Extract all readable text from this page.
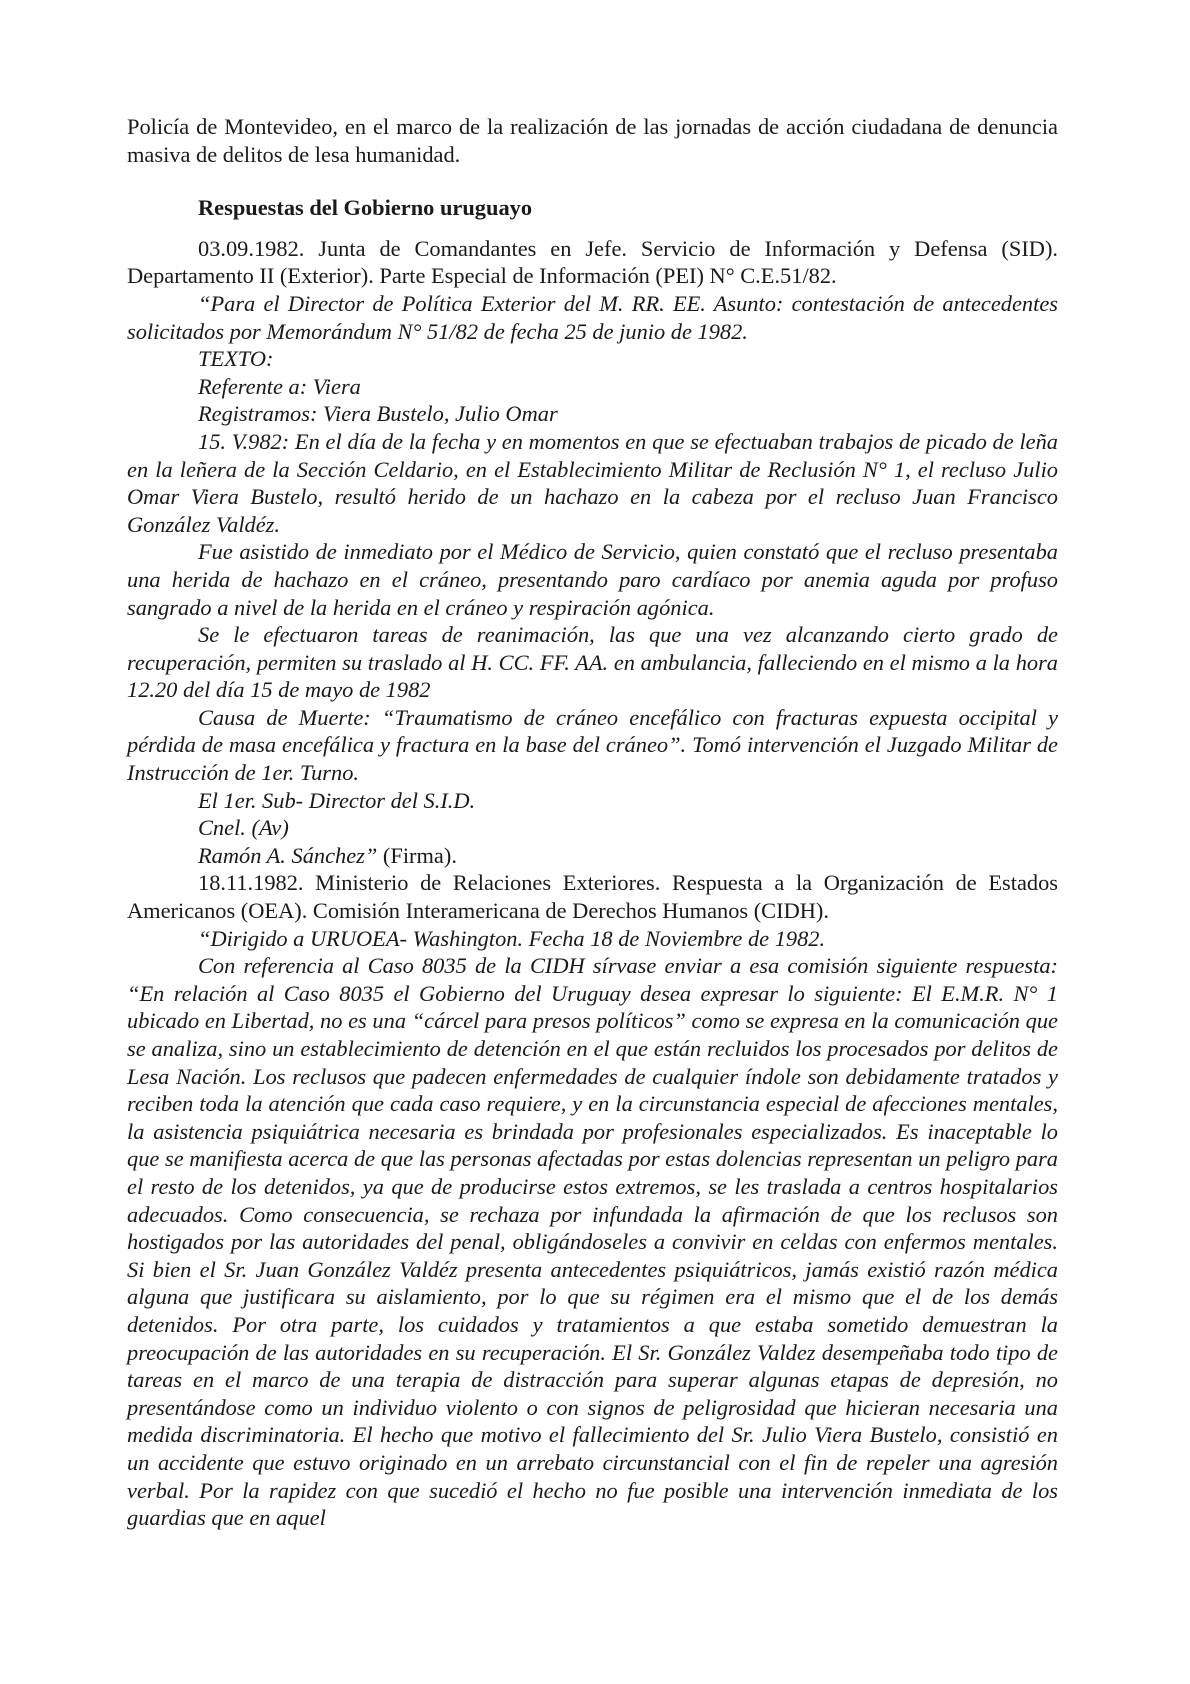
Policía de Montevideo, en el marco de la realización de las jornadas de acción ciudadana de denuncia masiva de delitos de lesa humanidad.

Respuestas del Gobierno uruguayo

03.09.1982. Junta de Comandantes en Jefe. Servicio de Información y Defensa (SID). Departamento II (Exterior). Parte Especial de Información (PEI) N° C.E.51/82.

“Para el Director de Política Exterior del M. RR. EE. Asunto: contestación de antecedentes solicitados por Memorándum N° 51/82 de fecha 25 de junio de 1982.

TEXTO:

Referente a: Viera

Registramos: Viera Bustelo, Julio Omar

15. V.982: En el día de la fecha y en momentos en que se efectuaban trabajos de picado de leña en la leñera de la Sección Celdario, en el Establecimiento Militar de Reclusión N° 1, el recluso Julio Omar Viera Bustelo, resultó herido de un hachazo en la cabeza por el recluso Juan Francisco González Valdéz.

Fue asistido de inmediato por el Médico de Servicio, quien constató que el recluso presentaba una herida de hachazo en el cráneo, presentando paro cardíaco por anemia aguda por profuso sangrado a nivel de la herida en el cráneo y respiración agónica.

Se le efectuaron tareas de reanimación, las que una vez alcanzando cierto grado de recuperación, permiten su traslado al H. CC. FF. AA. en ambulancia, falleciendo en el mismo a la hora 12.20 del día 15 de mayo de 1982

Causa de Muerte: “Traumatismo de cráneo encefálico con fracturas expuesta occipital y pérdida de masa encefálica y fractura en la base del cráneo”. Tomó intervención el Juzgado Militar de Instrucción de 1er. Turno.

El 1er. Sub- Director del S.I.D.

Cnel. (Av)

Ramón A. Sánchez” (Firma).

18.11.1982. Ministerio de Relaciones Exteriores. Respuesta a la Organización de Estados Americanos (OEA). Comisión Interamericana de Derechos Humanos (CIDH).

“Dirigido a URUOEA- Washington. Fecha 18 de Noviembre de 1982.

Con referencia al Caso 8035 de la CIDH sírvase enviar a esa comisión siguiente respuesta: “En relación al Caso 8035 el Gobierno del Uruguay desea expresar lo siguiente: El E.M.R. N° 1 ubicado en Libertad, no es una “cárcel para presos políticos” como se expresa en la comunicación que se analiza, sino un establecimiento de detención en el que están recluidos los procesados por delitos de Lesa Nación. Los reclusos que padecen enfermedades de cualquier índole son debidamente tratados y reciben toda la atención que cada caso requiere, y en la circunstancia especial de afecciones mentales, la asistencia psiquiátrica necesaria es brindada por profesionales especializados. Es inaceptable lo que se manifiesta acerca de que las personas afectadas por estas dolencias representan un peligro para el resto de los detenidos, ya que de producirse estos extremos, se les traslada a centros hospitalarios adecuados. Como consecuencia, se rechaza por infundada la afirmación de que los reclusos son hostigados por las autoridades del penal, obligándoseles a convivir en celdas con enfermos mentales. Si bien el Sr. Juan González Valdéz presenta antecedentes psiquiátricos, jamás existió razón médica alguna que justificara su aislamiento, por lo que su régimen era el mismo que el de los demás detenidos. Por otra parte, los cuidados y tratamientos a que estaba sometido demuestran la preocupación de las autoridades en su recuperación. El Sr. González Valdez desempeñaba todo tipo de tareas en el marco de una terapia de distracción para superar algunas etapas de depresión, no presentándose como un individuo violento o con signos de peligrosidad que hicieran necesaria una medida discriminatoria. El hecho que motivo el fallecimiento del Sr. Julio Viera Bustelo, consistió en un accidente que estuvo originado en un arrebato circunstancial con el fin de repeler una agresión verbal. Por la rapidez con que sucedió el hecho no fue posible una intervención inmediata de los guardias que en aquel
